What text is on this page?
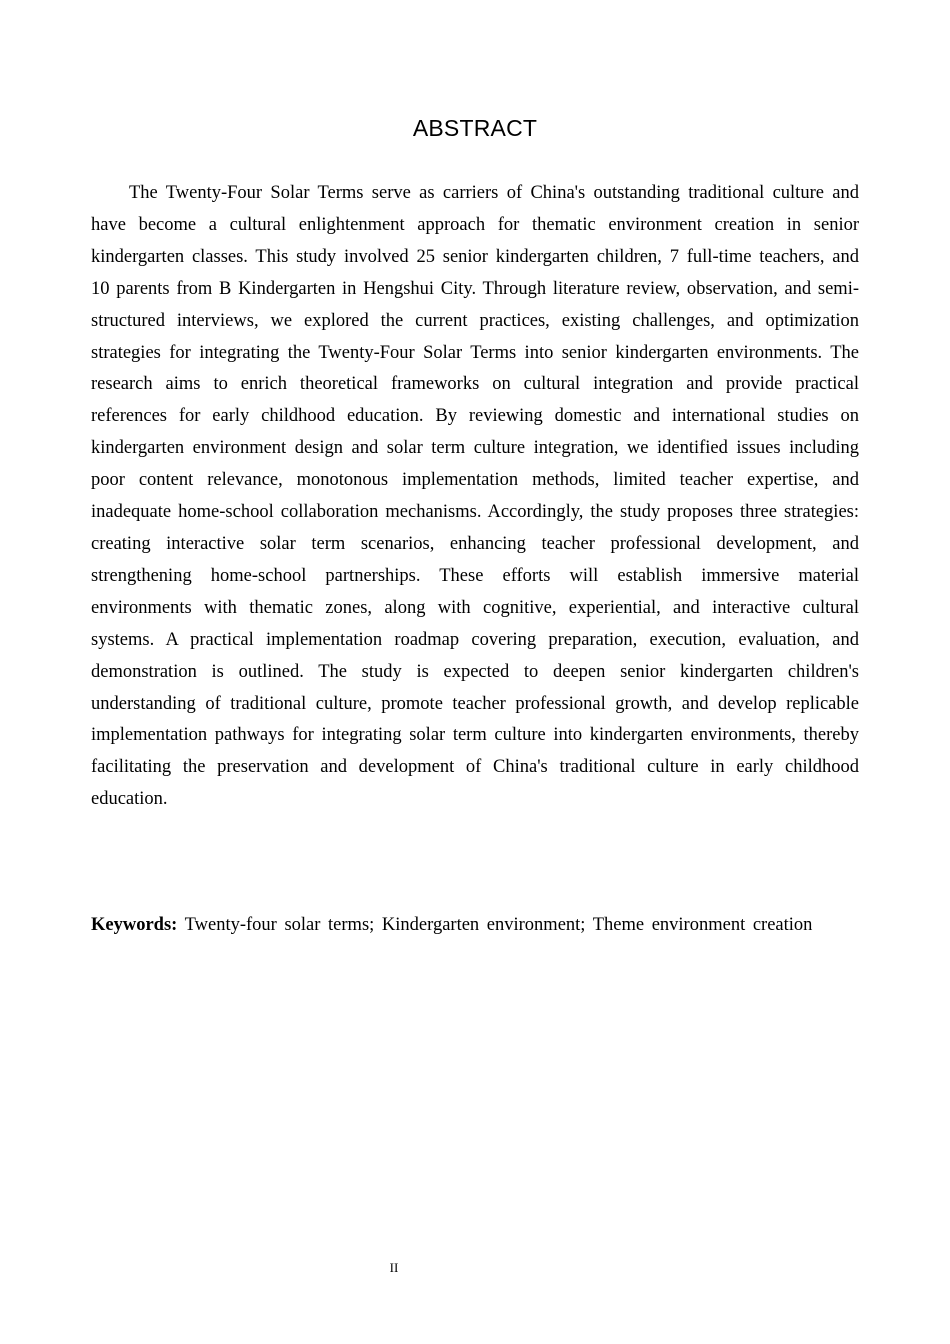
ABSTRACT

The Twenty-Four Solar Terms serve as carriers of China's outstanding traditional culture and have become a cultural enlightenment approach for thematic environment creation in senior kindergarten classes. This study involved 25 senior kindergarten children, 7 full-time teachers, and 10 parents from B Kindergarten in Hengshui City. Through literature review, observation, and semi-structured interviews, we explored the current practices, existing challenges, and optimization strategies for integrating the Twenty-Four Solar Terms into senior kindergarten environments. The research aims to enrich theoretical frameworks on cultural integration and provide practical references for early childhood education. By reviewing domestic and international studies on kindergarten environment design and solar term culture integration, we identified issues including poor content relevance, monotonous implementation methods, limited teacher expertise, and inadequate home-school collaboration mechanisms. Accordingly, the study proposes three strategies: creating interactive solar term scenarios, enhancing teacher professional development, and strengthening home-school partnerships. These efforts will establish immersive material environments with thematic zones, along with cognitive, experiential, and interactive cultural systems. A practical implementation roadmap covering preparation, execution, evaluation, and demonstration is outlined. The study is expected to deepen senior kindergarten children's understanding of traditional culture, promote teacher professional growth, and develop replicable implementation pathways for integrating solar term culture into kindergarten environments, thereby facilitating the preservation and development of China's traditional culture in early childhood education.

Keywords: Twenty-four solar terms; Kindergarten environment; Theme environment creation

II
